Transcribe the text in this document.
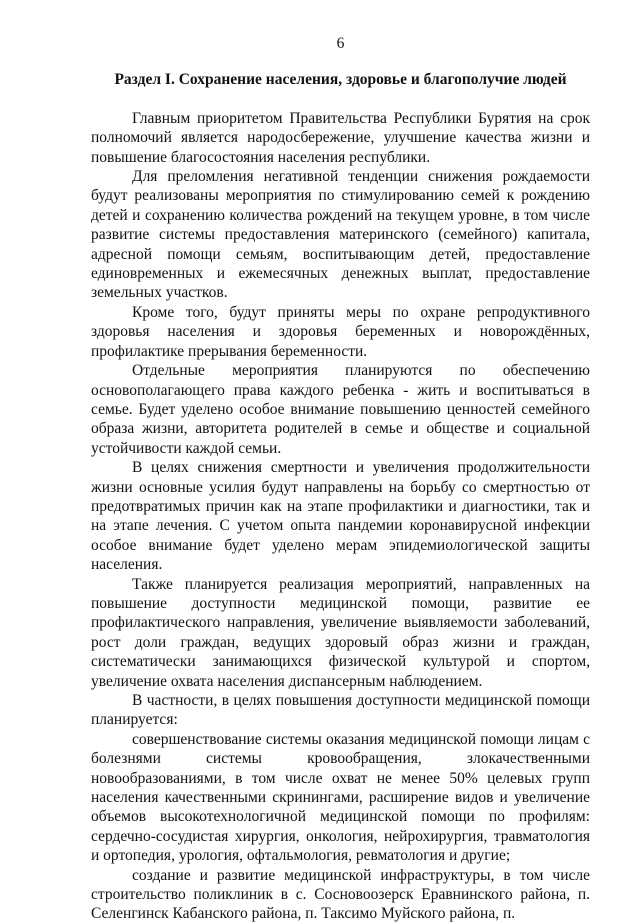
6
Раздел I. Сохранение населения, здоровье и благополучие людей

Главным приоритетом Правительства Республики Бурятия на срок полномочий является народосбережение, улучшение качества жизни и повышение благосостояния населения республики.

Для преломления негативной тенденции снижения рождаемости будут реализованы мероприятия по стимулированию семей к рождению детей и сохранению количества рождений на текущем уровне, в том числе развитие системы предоставления материнского (семейного) капитала, адресной помощи семьям, воспитывающим детей, предоставление единовременных и ежемесячных денежных выплат, предоставление земельных участков.

Кроме того, будут приняты меры по охране репродуктивного здоровья населения и здоровья беременных и новорождённых, профилактике прерывания беременности.

Отдельные мероприятия планируются по обеспечению основополагающего права каждого ребенка - жить и воспитываться в семье. Будет уделено особое внимание повышению ценностей семейного образа жизни, авторитета родителей в семье и обществе и социальной устойчивости каждой семьи.

В целях снижения смертности и увеличения продолжительности жизни основные усилия будут направлены на борьбу со смертностью от предотвратимых причин как на этапе профилактики и диагностики, так и на этапе лечения. С учетом опыта пандемии коронавирусной инфекции особое внимание будет уделено мерам эпидемиологической защиты населения.

Также планируется реализация мероприятий, направленных на повышение доступности медицинской помощи, развитие ее профилактического направления, увеличение выявляемости заболеваний, рост доли граждан, ведущих здоровый образ жизни и граждан, систематически занимающихся физической культурой и спортом, увеличение охвата населения диспансерным наблюдением.

В частности, в целях повышения доступности медицинской помощи планируется:

совершенствование системы оказания медицинской помощи лицам с болезнями системы кровообращения, злокачественными новообразованиями, в том числе охват не менее 50% целевых групп населения качественными скринингами, расширение видов и увеличение объемов высокотехнологичной медицинской помощи по профилям: сердечно-сосудистая хирургия, онкология, нейрохирургия, травматология и ортопедия, урология, офтальмология, ревматология и другие;

создание и развитие медицинской инфраструктуры, в том числе строительство поликлиник в с. Сосновоозерск Еравнинского района, п. Селенгинск Кабанского района, п. Таксимо Муйского района, п.
